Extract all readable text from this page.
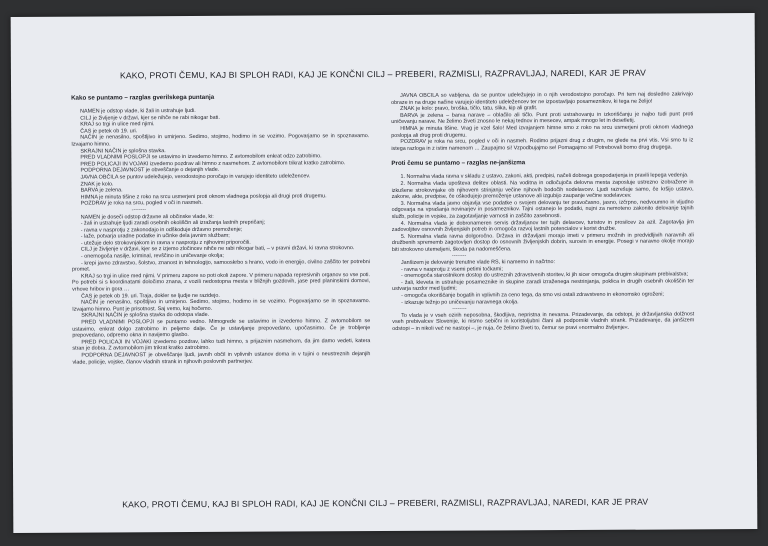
KAKO, PROTI ČEMU, KAJ BI SPLOH RADI, KAJ JE KONČNI CILJ – PREBERI, RAZMISLI, RAZPRAVLJAJ, NAREDI, KAR JE PRAV
Kako se puntamo – razglas gverilskega puntanja

NAMEN je odstop vlade, ki žali in ustrahuje ljudi.

CILJ je življenje v državi, kjer se nihče ne rabi nikogar bati.

KRAJ so trgi in ulice med njimi.

ČAS je petek ob 19. uri.

NAČIN je nenasilno, spoštljivo in umirjeno. Sedimo, stojimo, hodimo in se vozimo. Pogovarjamo se in spoznavamo. Izvajamo himno.

SKRAJNI NAČIN je splošna stavka.

PRED VLADNIMI POSLOPJI se ustavimo in izvedemo himno. Z avtomobilom enkrat odzo zatrobimo.

PRED POLICAJI IN VOJAKI izvedemo pozdrav ali himno z nasmehom. Z avtomobilom trikrat kratko zatrobimo.

PODPORNA DEJAVNOST je obveščanje o dejanjih vlade.

JAVNA OBČILA se puntov udeležujejo, verodostojno poročajo in varujejo identiteto udeležencev.

ZNAK je kolo.

BARVA je zelena.

HIMNA je minuta tišine z roko na srcu usmerjeni proti oknom vladnega poslopja ali drugi proti drugemu.

POZDRAV je roka na srcu, pogled v oči in nasmeh.

--------

NAMEN je doseči odstop državne ali občinske vlade, ki:

- žali in ustrahuje ljudi zaradi osebnih okoliščin ali izražanja lastnih prepričanj;

- ravna v nasprotju z zakonodajo in odškoduje državno premoženje;

- laže, potvarja uradne podatke in učinke dela javnim službam;

- utežuje delo strokovnjakom in ravna v nasprotju z njihovimi priporočili.

CILJ je življenje v državi, kjer se z izjemo zločincev nihče ne rabi nikogar bati, – v pravni državi, ki ravna strokovno.

- onemogoča nasilje, kriminal, revščino in uničevanje okolja;

- krepi javno zdravstvo, šolstvo, znanost in tehnologijo, samooskrbo s hrano, vodo in energijo, civilno zaščito ter potrebni promet.

KRAJ so trgi in ulice med njimi. V primeru zapore so poti okoli zapore. V primeru napada represivnih organov so vse poti. Po potrebi si s koordinatami določimo znana, z vozili nedostopna mesta v bližnjih gozdovih, jase pred planinskimi domovi, vrhove hribov in gora …

ČAS je petek ob 19. uri. Traja, dokler se ljudje ne razidejo.

NAČIN je nenasilno, spoštljivo in umirjeno. Sedimo, stojimo, hodimo in se vozimo. Pogovarjamo se in spoznavamo. Izvajamo himno. Punt je prisotnost. Saj vemo, kaj hočemo.

SKRAJNI NAČIN je splošna stavka do odstopa vlade.

PRED VLADNIMI POSLOPJI se puntamo vedno. Mimogrede se ustavimo in izvedemo himno. Z avtomobilom se ustavimo, enkrat dolgo zatrobimo in peljemo dalje. Če je ustavljanje prepovedano, upočasnimo. Če je trobljenje prepovedano, odpremo okna in navijemo glasbo.

PRED POLICAJI IN VOJAKI izvedemo pozdrav, lahko tudi himno, s prijaznim nasmehom, da jim damo vedeti, katera stran je dobra. Z avtomobilom jim trikrat kratko zatrobimo.

PODPORNA DEJAVNOST je obveščanje ljudi, javnih občil in vplivnih ustanov doma in v tujini o neustreznih dejanjih vlade, policije, vojske, članov vladnih strank in njihovih poslovnih partnerjev.

JAVNA OBČILA so vabljena, da se puntov udeležujejo in o njih verodostojno poročajo. Pri tem naj dosledno zakrivajo obraze in na druge načine varujejo identiteto udeležencev ter ne izpostavljajo posameznikov, ki tega ne želijo!

ZNAK je kolo: pravo, broška, tičlo, tatu, slika, kip ali grafit.

BARVA je zelena – barva narave – oblačilo ali tičlo. Punt proti ustrahovanju in izkoriščanju je najbo tudi punt proti uničevanju narave. Ne želimo živeti znosno le nekaj tednov in mesecev, ampak mnogo let in desetletij.

HIMNA je minuta tišine. Vrag je vzel šalo! Med izvajanjem himne smo z roko na srcu usmerjeni proti oknom vladnega poslopja ali drug proti drugemu.

POZDRAV je roka na srcu, pogled v oči in nasmeh. Rodimo prijazni drug z drugim, ne glede na prvi vtis. Vsi smo tu iz istega razloga in z istim namenom … Zaupajmo si! Vzpodbujajmo se! Pomagajmo si! Potrebovali bomo drug drugega.

Proti čemu se puntamo – razglas ne-janšizma

1. Normalna vlada ravna v skladu z ustavo, zakoni, akti, predpisi, načeli dobrega gospodarjenja in pravili lepega vedenja.

2. Normalna vlada upošteva delitev oblasti. Na voditna in odločujoča delovna mesta zaposluje ustrezno izobražene in izkušene strokovnjake ob njihovem strinjanju večine njihovih bodočih sodelavcev. Ljudi razrešuje samo, če kršijo ustavo, zakone, akte, predpise, če oškodujejo premoženje ustanove ali izgubijo zaupanje večine sodelavcev.

3. Normalna vlada javno objavlja vse podatke o svojem delovanju ter pravočasno, jasno, izčrpno, nedvoumno in vljudno odgovarja na vprašanja novinarjev in posameznikov. Tajni ostanejo le podatki, nujni za nemoteno zakonito delovanje tajnih služb, policije in vojske, za zagotavljanje varnosti in zaščito zasebnosti.

4. Normalna vlada je dobronameren servis državljanov ter tujih delavcev, turistov in prosilcev za azil. Zagotavlja jim zadovoljitev osnovnih življenjskih potreb in omogoča razvoj lastnih potencialov v korist družbe.

5. Normalna vlada ravna dolgoročno. Država in državljani morajo imeti v primeru možnih in predvidljivih naravnih ali družbenih sprememb zagotovljen dostop do osnovnih življenjskih dobrin, surovin in energije. Posegi v naravno okolje morajo biti strokovno utemeljeni, škoda pa nadomeščena.

--------

Janšizem je delovanje trenutne vlade RS, ki namerno in načrtno:

- ravna v nasprotju z vsemi petimi točkami;

- onemogoča starostnikom dostop do ustreznih zdravstvenih storitev, ki jih sicer omogoča drugim skupinam prebivalstva;

- žali, kleveta in ustrahuje posameznike in skupine zaradi izraženega nestrinjanja, poklica in drugih osebnih okoliščin ter ustvarja razdor med ljudmi;

- omogoča okoriščanje bogatih in vplivnih za ceno tega, da smo vsi ostali zdravstveno in ekonomsko ogroženi;

- izkazuje težnjo po uničevanju naravnega okolja.

--------

To vlada je v vseh ozirih neposobna, škodljiva, nepristna in nevarna. Prizadevanje, da odstopi, je državljanska dolžnost vseh prebivalcev Slovenije, ki nismo sebični in koristoljubni člani ali podporniki vladnih strank. Prizadevanje, da janšizem odstopi – in nikoli več ne nastopi –, je nuja, če želimo živeti to, čemur se pravi »normalno življenje«.

KAKO, PROTI ČEMU, KAJ BI SPLOH RADI, KAJ JE KONČNI CILJ – PREBERI, RAZMISLI, RAZPRAVLJAJ, NAREDI, KAR JE PRAV
